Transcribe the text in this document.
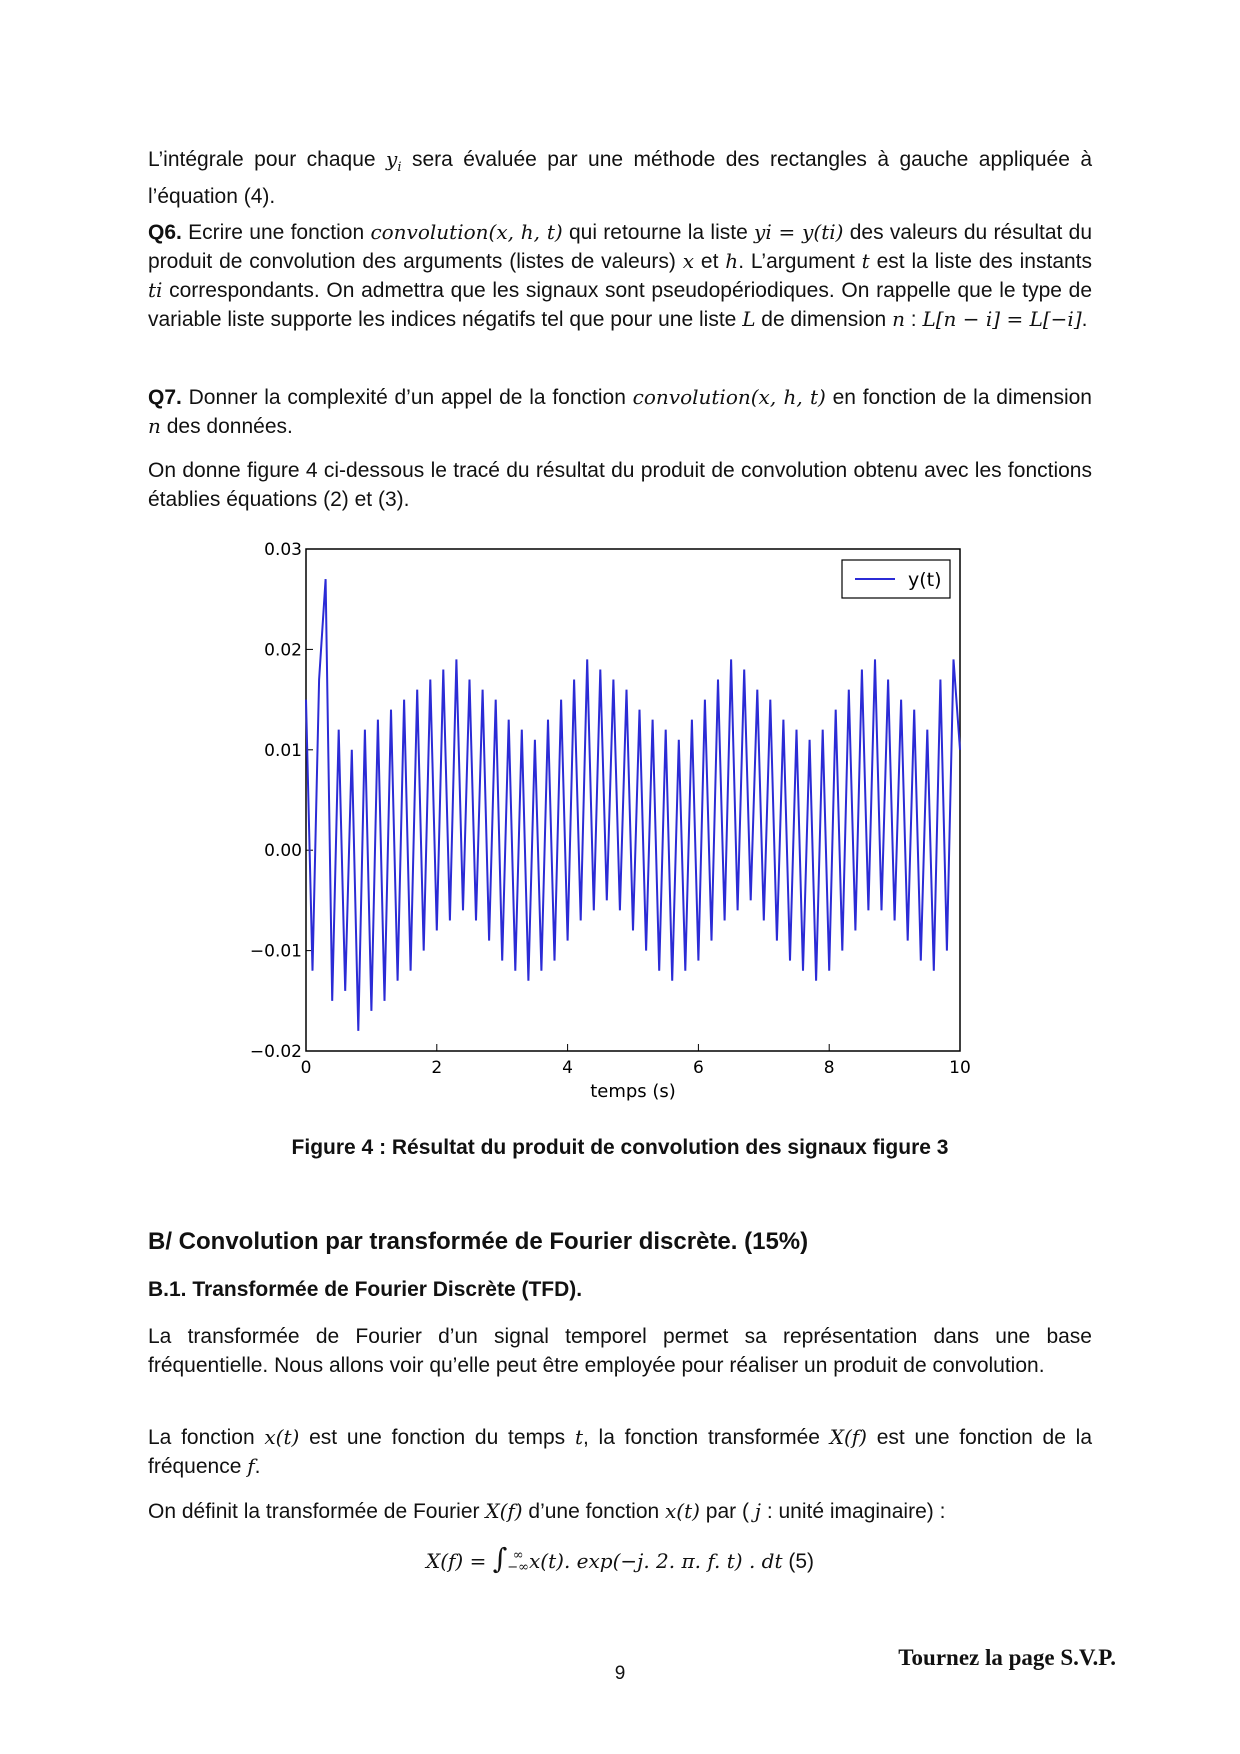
L’intégrale pour chaque $y_i$ sera évaluée par une méthode des rectangles à gauche appliquée à l’équation (4).

Q6. Ecrire une fonction convolution(x, h, t) qui retourne la liste yi = y(ti) des valeurs du résultat du produit de convolution des arguments (listes de valeurs) x et h. L’argument t est la liste des instants ti correspondants. On admettra que les signaux sont pseudopériodiques. On rappelle que le type de variable liste supporte les indices négatifs tel que pour une liste L de dimension n : L[n − i] = L[−i].

Q7. Donner la complexité d’un appel de la fonction convolution(x, h, t) en fonction de la dimension n des données.

On donne figure 4 ci-dessous le tracé du résultat du produit de convolution obtenu avec les fonctions établies équations (2) et (3).

−0.02
−0.01
0.00
0.01
0.02
0.03
0	2	4	6	8	10
y(t)
temps (s)
Figure 4 : Résultat du produit de convolution des signaux figure 3
B/ Convolution par transformée de Fourier discrète. (15%)
B.1. Transformée de Fourier Discrète (TFD).

La transformée de Fourier d’un signal temporel permet sa représentation dans une base fréquentielle. Nous allons voir qu’elle peut être employée pour réaliser un produit de convolution.

La fonction x(t) est une fonction du temps t, la fonction transformée X(f) est une fonction de la fréquence f.

On définit la transformée de Fourier X(f) d’une fonction x(t) par ( j : unité imaginaire) :

X(f) = ∫ ∞
−∞x(t). exp(−j. 2. π. f. t) . dt (5)
9
Tournez la page S.V.P.
